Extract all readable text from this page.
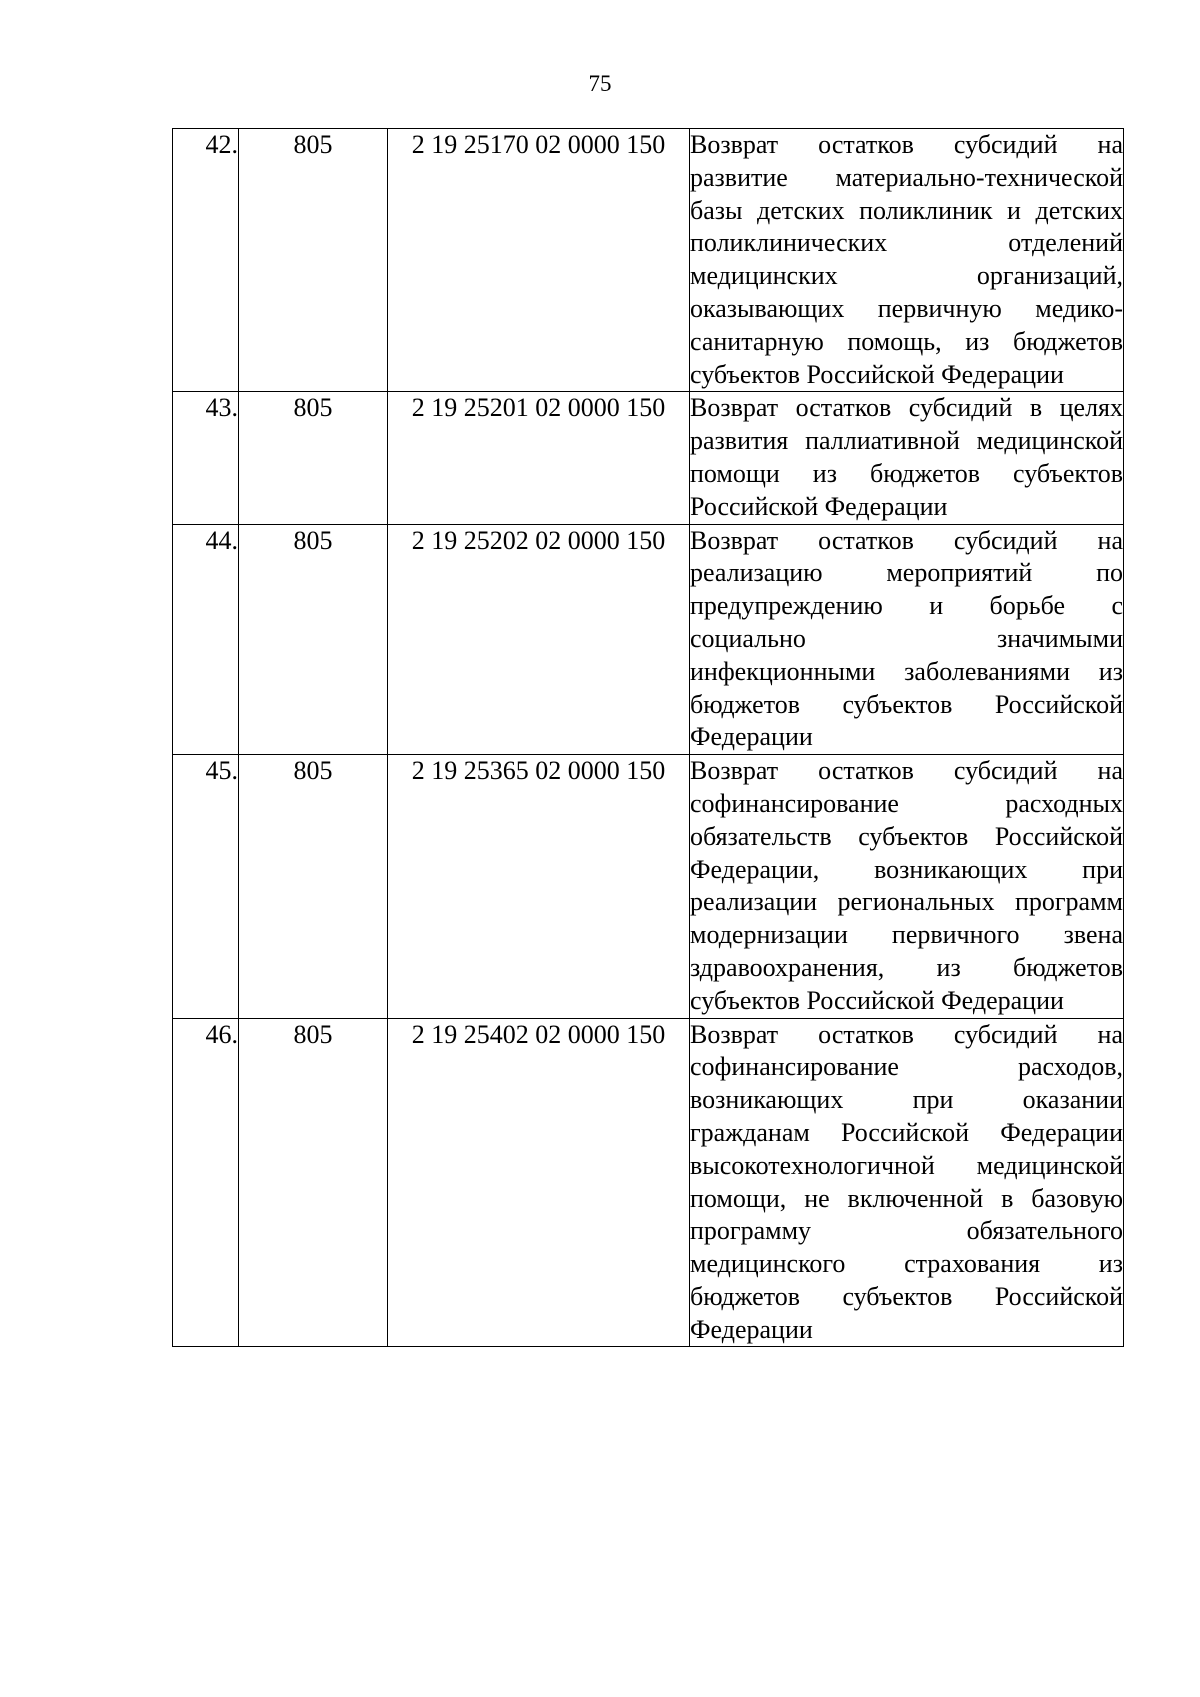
75
42.	805	2 19 25170 02 0000 150	Возврат остатков субсидий на развитие материально-технической базы детских поликлиник и детских поликлинических отделений медицинских организаций, оказывающих первичную медико-санитарную помощь, из бюджетов субъектов Российской Федерации
43.	805	2 19 25201 02 0000 150	Возврат остатков субсидий в целях развития паллиативной медицинской помощи из бюджетов субъектов Российской Федерации
44.	805	2 19 25202 02 0000 150	Возврат остатков субсидий на реализацию мероприятий по предупреждению и борьбе с социально значимыми инфекционными заболеваниями из бюджетов субъектов Российской Федерации
45.	805	2 19 25365 02 0000 150	Возврат остатков субсидий на софинансирование расходных обязательств субъектов Российской Федерации, возникающих при реализации региональных программ модернизации первичного звена здравоохранения, из бюджетов субъектов Российской Федерации
46.	805	2 19 25402 02 0000 150	Возврат остатков субсидий на софинансирование расходов, возникающих при оказании гражданам Российской Федерации высокотехнологичной медицинской помощи, не включенной в базовую программу обязательного медицинского страхования из бюджетов субъектов Российской Федерации
